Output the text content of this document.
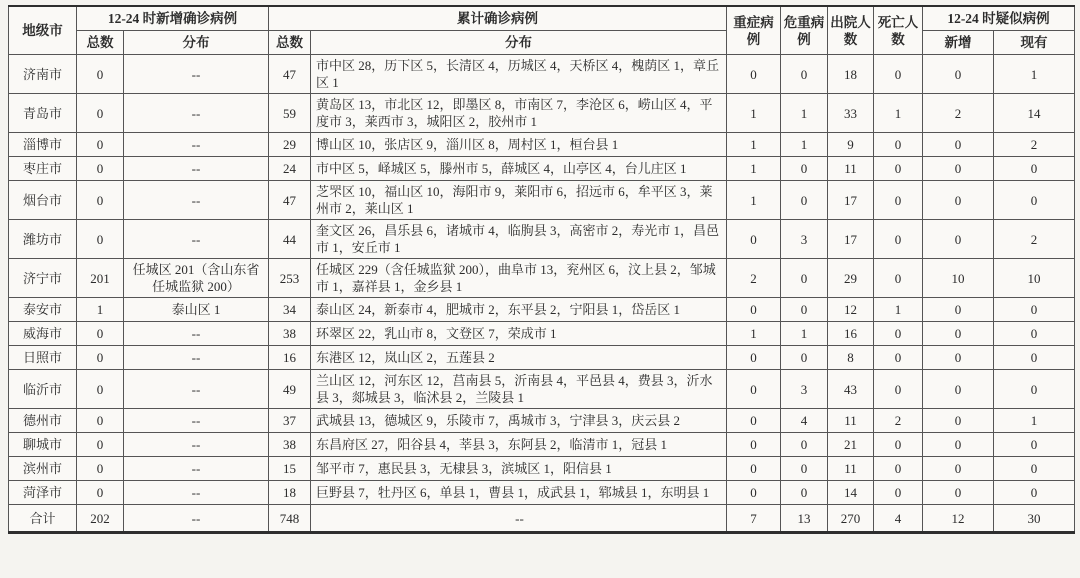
地级市	12-24 时新增确诊病例		累计确诊病例		重症病例	危重病例	出院人数	死亡人数	12-24 时疑似病例	
	总数	分布	总数	分布					新增	现有
济南市	0	--	47	市中区 28，历下区 5，长清区 4，历城区 4，天桥区 4，槐荫区 1，章丘区 1	0	0	18	0	0	1
青岛市	0	--	59	黄岛区 13，市北区 12，即墨区 8，市南区 7，李沧区 6，崂山区 4，平度市 3，莱西市 3，城阳区 2，胶州市 1	1	1	33	1	2	14
淄博市	0	--	29	博山区 10，张店区 9，淄川区 8，周村区 1，桓台县 1	1	1	9	0	0	2
枣庄市	0	--	24	市中区 5，峄城区 5，滕州市 5，薛城区 4，山亭区 4，台儿庄区 1	1	0	11	0	0	0
烟台市	0	--	47	芝罘区 10，福山区 10，海阳市 9，莱阳市 6，招远市 6，牟平区 3，莱州市 2，莱山区 1	1	0	17	0	0	0
潍坊市	0	--	44	奎文区 26，昌乐县 6，诸城市 4，临朐县 3，高密市 2，寿光市 1，昌邑市 1，安丘市 1	0	3	17	0	0	2
济宁市	201	任城区 201（含山东省任城监狱 200）	253	任城区 229（含任城监狱 200），曲阜市 13，兖州区 6，汶上县 2，邹城市 1，嘉祥县 1，金乡县 1	2	0	29	0	10	10
泰安市	1	泰山区 1	34	泰山区 24，新泰市 4，肥城市 2，东平县 2，宁阳县 1，岱岳区 1	0	0	12	1	0	0
威海市	0	--	38	环翠区 22，乳山市 8，文登区 7，荣成市 1	1	1	16	0	0	0
日照市	0	--	16	东港区 12，岚山区 2，五莲县 2	0	0	8	0	0	0
临沂市	0	--	49	兰山区 12，河东区 12，莒南县 5，沂南县 4，平邑县 4，费县 3，沂水县 3，郯城县 3，临沭县 2，兰陵县 1	0	3	43	0	0	0
德州市	0	--	37	武城县 13，德城区 9，乐陵市 7，禹城市 3，宁津县 3，庆云县 2	0	4	11	2	0	1
聊城市	0	--	38	东昌府区 27，阳谷县 4，莘县 3，东阿县 2，临清市 1，冠县 1	0	0	21	0	0	0
滨州市	0	--	15	邹平市 7，惠民县 3，无棣县 3，滨城区 1，阳信县 1	0	0	11	0	0	0
菏泽市	0	--	18	巨野县 7，牡丹区 6，单县 1，曹县 1，成武县 1，郓城县 1，东明县 1	0	0	14	0	0	0
合计	202	--	748	--	7	13	270	4	12	30
